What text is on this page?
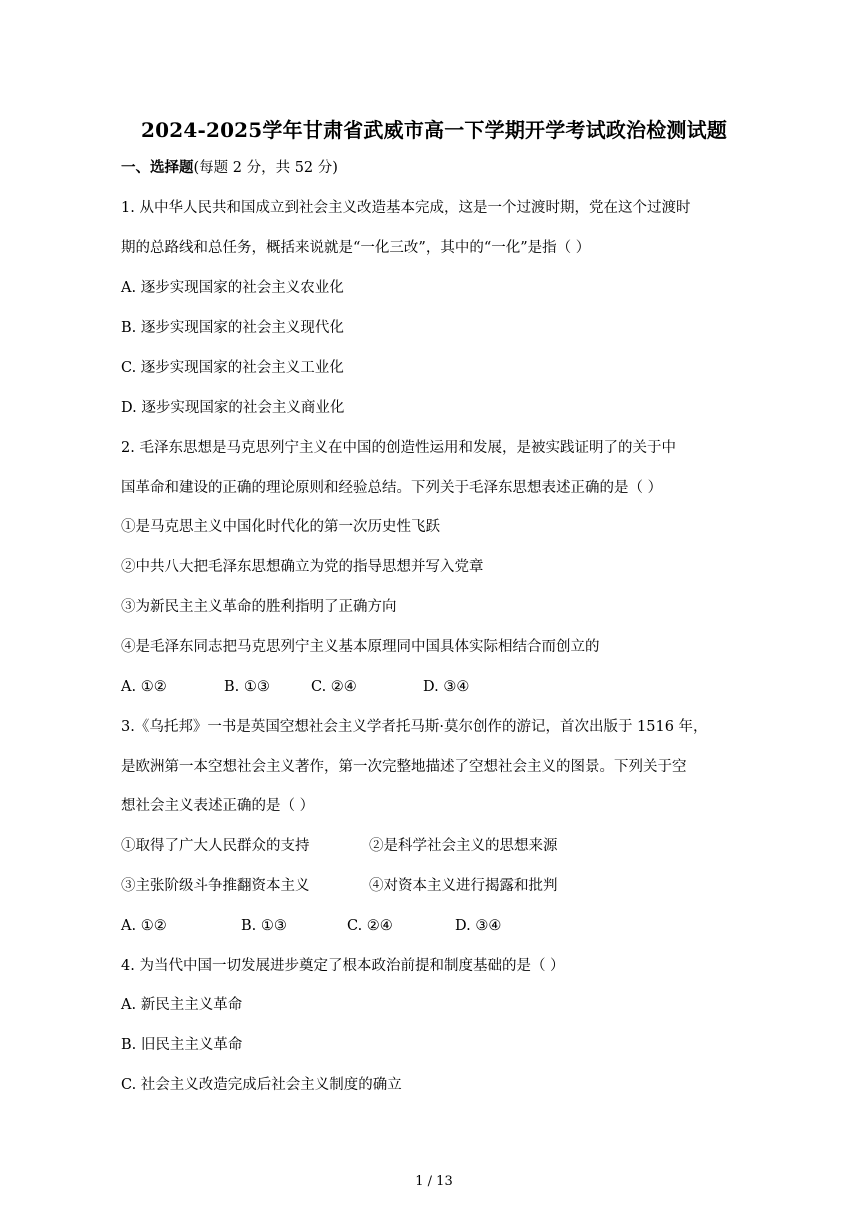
2024-2025学年甘肃省武威市高一下学期开学考试政治检测试题
一、选择题(每题 2 分，共 52 分)
1. 从中华人民共和国成立到社会主义改造基本完成，这是一个过渡时期，党在这个过渡时
期的总路线和总任务，概括来说就是“一化三改”，其中的“一化”是指（ ）
A. 逐步实现国家的社会主义农业化
B. 逐步实现国家的社会主义现代化
C. 逐步实现国家的社会主义工业化
D. 逐步实现国家的社会主义商业化
2. 毛泽东思想是马克思列宁主义在中国的创造性运用和发展，是被实践证明了的关于中
国革命和建设的正确的理论原则和经验总结。下列关于毛泽东思想表述正确的是（ ）
①是马克思主义中国化时代化的第一次历史性飞跃
②中共八大把毛泽东思想确立为党的指导思想并写入党章
③为新民主主义革命的胜利指明了正确方向
④是毛泽东同志把马克思列宁主义基本原理同中国具体实际相结合而创立的
A. ①②	B. ①③	C. ②④	D. ③④
3.《乌托邦》一书是英国空想社会主义学者托马斯·莫尔创作的游记，首次出版于 1516 年，
是欧洲第一本空想社会主义著作，第一次完整地描述了空想社会主义的图景。下列关于空
想社会主义表述正确的是（ ）
①取得了广大人民群众的支持	②是科学社会主义的思想来源
③主张阶级斗争推翻资本主义	④对资本主义进行揭露和批判
A. ①②	B. ①③	C. ②④	D. ③④
4. 为当代中国一切发展进步奠定了根本政治前提和制度基础的是（ ）
A. 新民主主义革命
B. 旧民主主义革命
C. 社会主义改造完成后社会主义制度的确立
1 / 13
